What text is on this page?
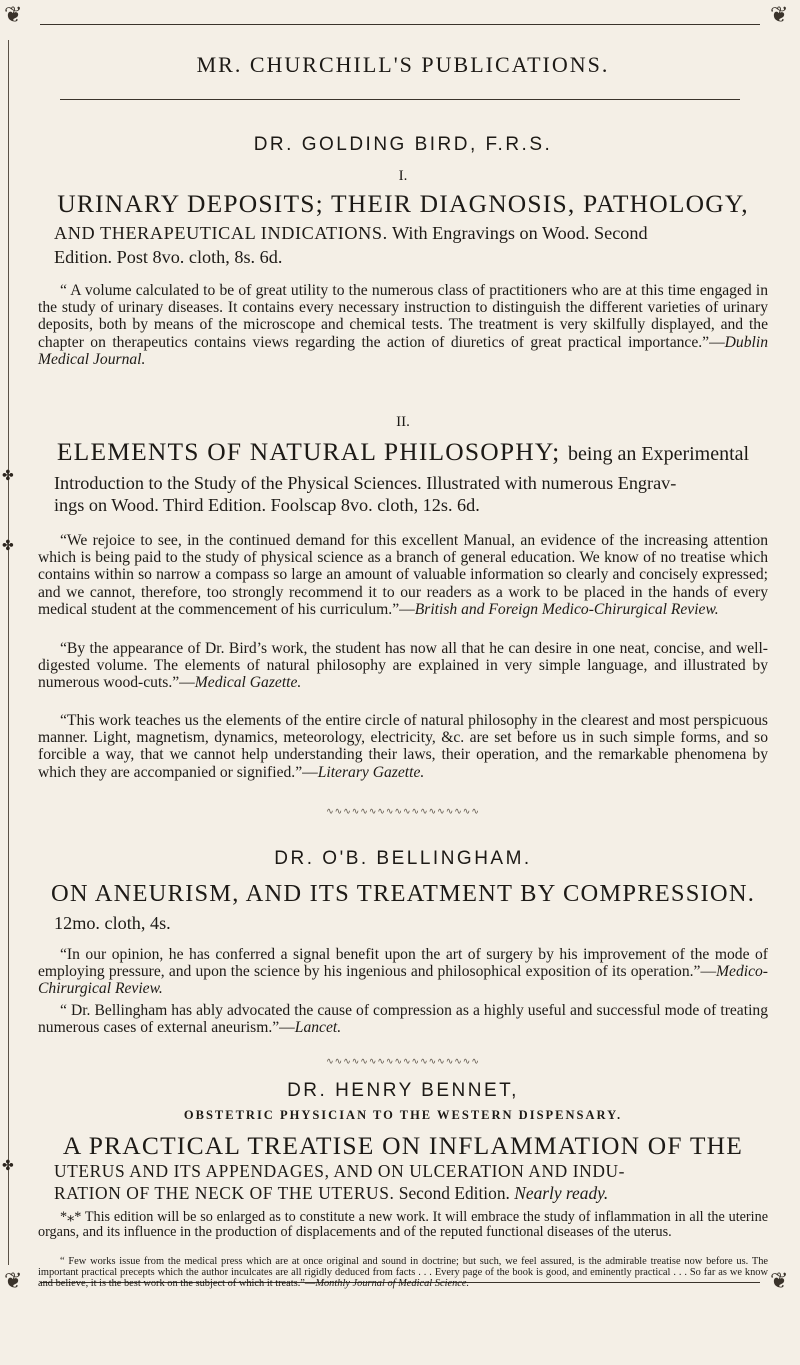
❦	❦
❦	❦
✤
✤
✤
MR. CHURCHILL'S PUBLICATIONS.
DR. GOLDING BIRD, F.R.S.
I.
URINARY DEPOSITS; THEIR DIAGNOSIS, PATHOLOGY,
AND THERAPEUTICAL INDICATIONS. With Engravings on Wood. Second
Edition. Post 8vo. cloth, 8s. 6d.

“ A volume calculated to be of great utility to the numerous class of practitioners who are at this time engaged in the study of urinary diseases. It contains every necessary instruction to distinguish the different varieties of urinary deposits, both by means of the microscope and chemical tests. The treatment is very skilfully displayed, and the chapter on therapeutics contains views regarding the action of diuretics of great practical importance.”—Dublin Medical Journal.

II.
ELEMENTS OF NATURAL PHILOSOPHY; being an Experimental
Introduction to the Study of the Physical Sciences. Illustrated with numerous Engrav-
ings on Wood. Third Edition. Foolscap 8vo. cloth, 12s. 6d.

“We rejoice to see, in the continued demand for this excellent Manual, an evidence of the increasing attention which is being paid to the study of physical science as a branch of general education. We know of no treatise which contains within so narrow a compass so large an amount of valuable information so clearly and concisely expressed; and we cannot, therefore, too strongly recommend it to our readers as a work to be placed in the hands of every medical student at the commencement of his curriculum.”—British and Foreign Medico-Chirurgical Review.

“By the appearance of Dr. Bird’s work, the student has now all that he can desire in one neat, concise, and well-digested volume. The elements of natural philosophy are explained in very simple language, and illustrated by numerous wood-cuts.”—Medical Gazette.

“This work teaches us the elements of the entire circle of natural philosophy in the clearest and most perspicuous manner. Light, magnetism, dynamics, meteorology, electricity, &c. are set before us in such simple forms, and so forcible a way, that we cannot help understanding their laws, their operation, and the remarkable phenomena by which they are accompanied or signified.”—Literary Gazette.

∿∿∿∿∿∿∿∿∿∿∿∿∿∿∿∿∿∿
DR. O'B. BELLINGHAM.
ON ANEURISM, AND ITS TREATMENT BY COMPRESSION.
12mo. cloth, 4s.

“In our opinion, he has conferred a signal benefit upon the art of surgery by his improvement of the mode of employing pressure, and upon the science by his ingenious and philosophical exposition of its operation.”—Medico-Chirurgical Review.

“ Dr. Bellingham has ably advocated the cause of compression as a highly useful and successful mode of treating numerous cases of external aneurism.”—Lancet.

∿∿∿∿∿∿∿∿∿∿∿∿∿∿∿∿∿∿
DR. HENRY BENNET,
OBSTETRIC PHYSICIAN TO THE WESTERN DISPENSARY.
A PRACTICAL TREATISE ON INFLAMMATION OF THE
UTERUS AND ITS APPENDAGES, AND ON ULCERATION AND INDU-
RATION OF THE NECK OF THE UTERUS. Second Edition. Nearly ready.

*⁎* This edition will be so enlarged as to constitute a new work. It will embrace the study of inflammation in all the uterine organs, and its influence in the production of displacements and of the reputed functional diseases of the uterus.

“ Few works issue from the medical press which are at once original and sound in doctrine; but such, we feel assured, is the admirable treatise now before us. The important practical precepts which the author inculcates are all rigidly deduced from facts . . . Every page of the book is good, and eminently practical . . . So far as we know and believe, it is the best work on the subject of which it treats.”—Monthly Journal of Medical Science.
